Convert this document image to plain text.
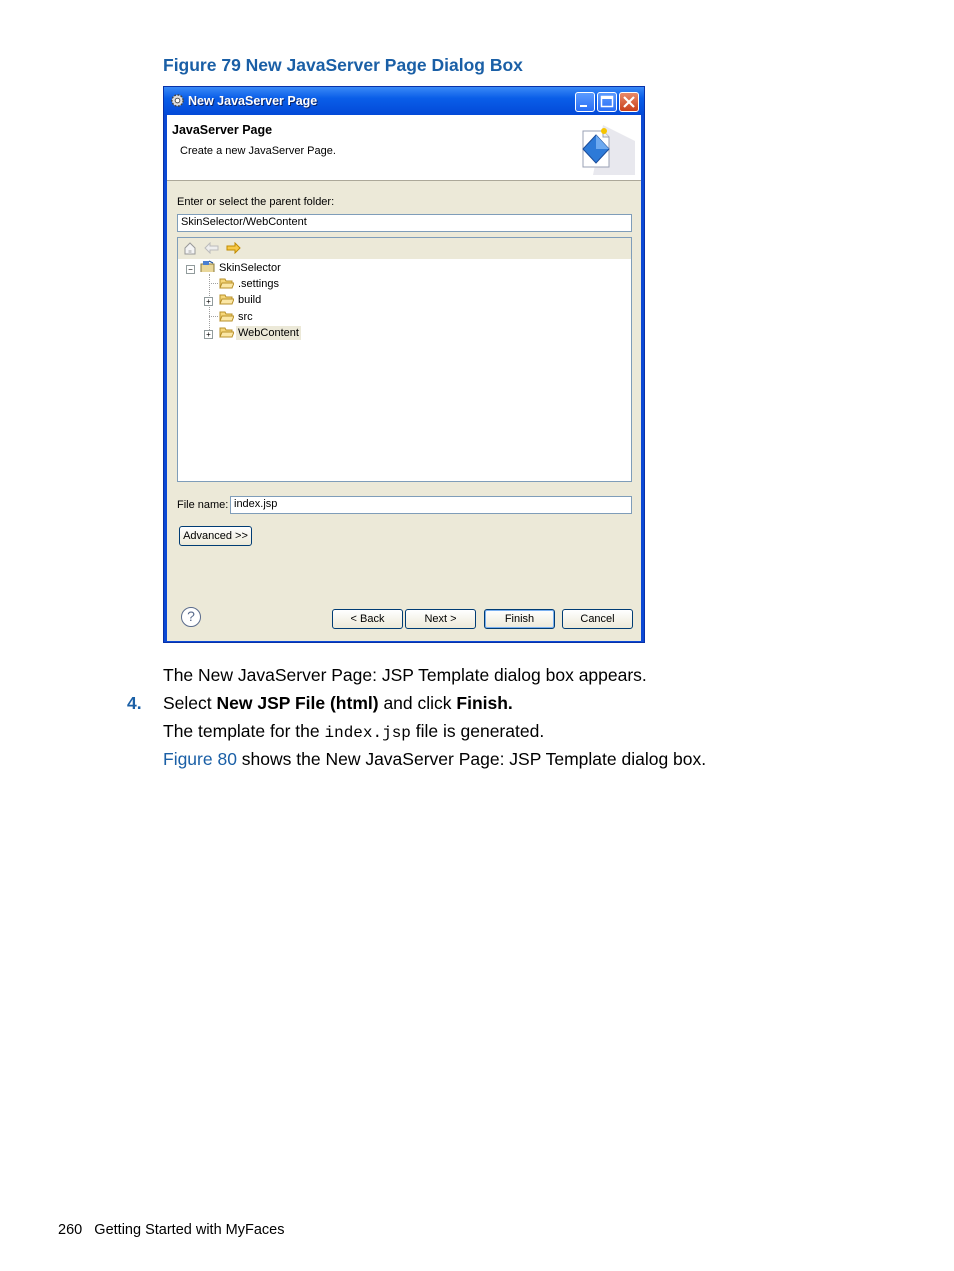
Figure 79 New JavaServer Page Dialog Box
New JavaServer Page
JavaServer Page
Create a new JavaServer Page.
Enter or select the parent folder:
SkinSelector/WebContent
− SkinSelector
.settings
+ build
src
+ WebContent
File name: index.jsp
Advanced >>
?	< Back	Next >	Finish	Cancel
The New JavaServer Page: JSP Template dialog box appears.
4. Select New JSP File (html) and click Finish.
The template for the index.jsp file is generated.
Figure 80 shows the New JavaServer Page: JSP Template dialog box.
260 Getting Started with MyFaces
